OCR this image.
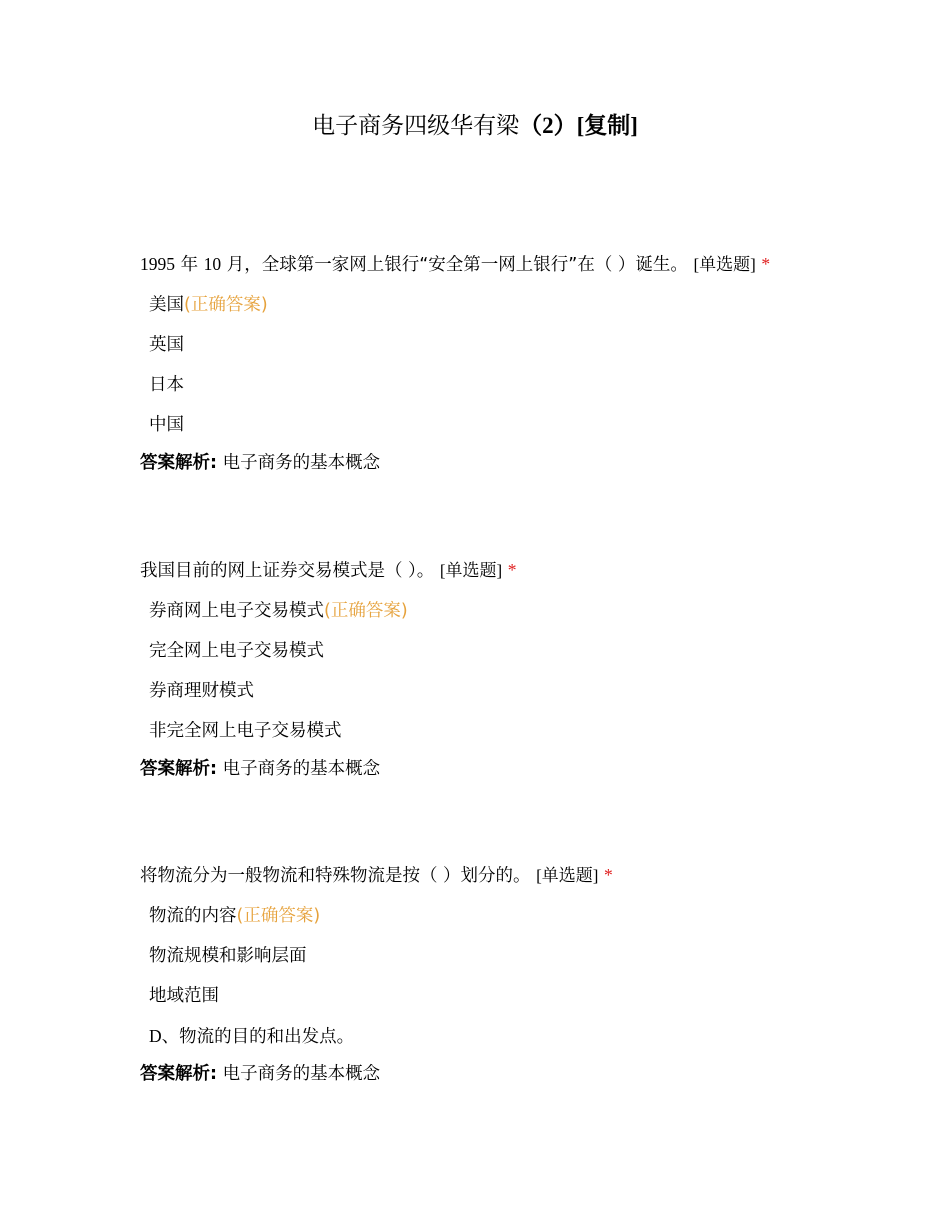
电子商务四级华有梁（2）[复制]
1995 年 10 月，全球第一家网上银行“安全第一网上银行”在（ ）诞生。 [单选题] *
美国(正确答案)
英国
日本
中国
答案解析: 电子商务的基本概念
我国目前的网上证券交易模式是（ ）。 [单选题] *
券商网上电子交易模式(正确答案)
完全网上电子交易模式
券商理财模式
非完全网上电子交易模式
答案解析: 电子商务的基本概念
将物流分为一般物流和特殊物流是按（ ）划分的。 [单选题] *
物流的内容(正确答案)
物流规模和影响层面
地域范围
D、物流的目的和出发点。
答案解析: 电子商务的基本概念
